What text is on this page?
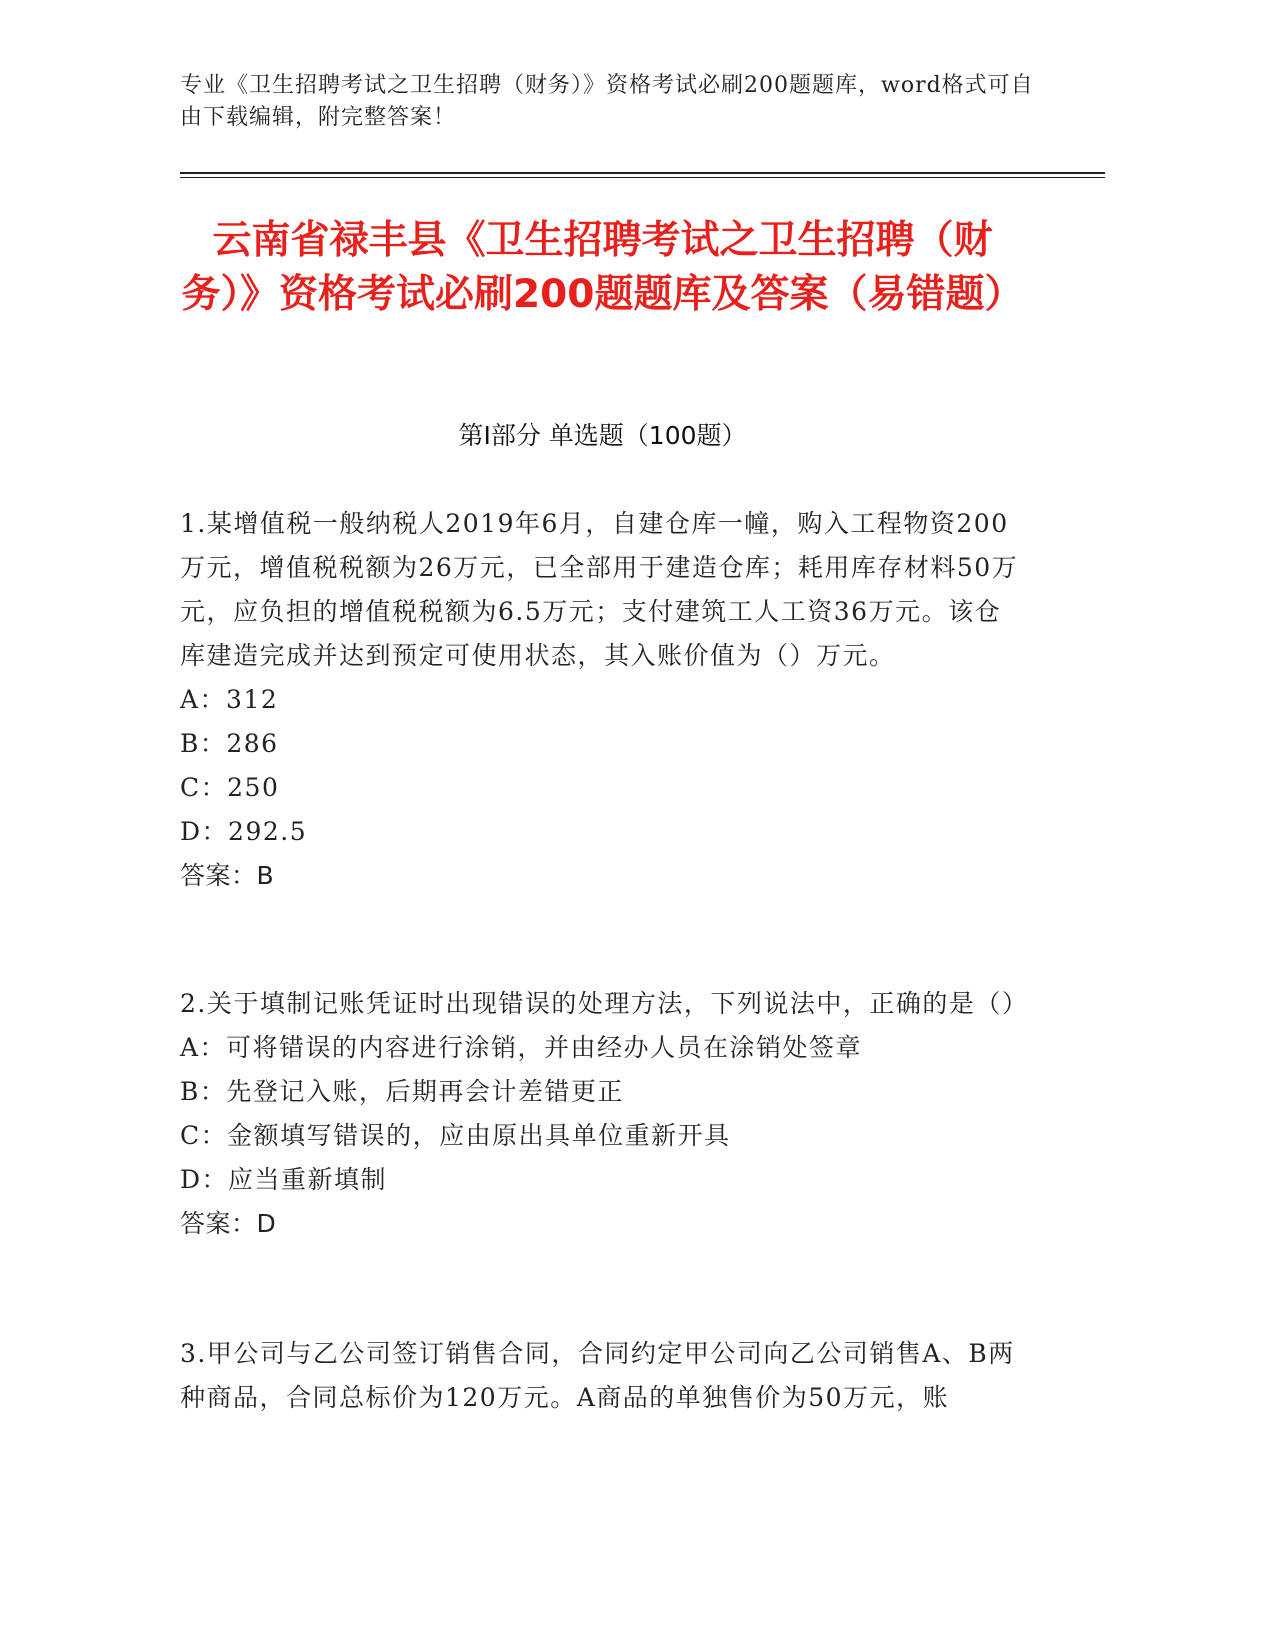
专业《卫生招聘考试之卫生招聘（财务）》资格考试必刷200题题库，word格式可自由下载编辑，附完整答案！
云南省禄丰县《卫生招聘考试之卫生招聘（财务）》资格考试必刷200题题库及答案（易错题）
第Ⅰ部分 单选题（100题）

1.某增值税一般纳税人2019年6月，自建仓库一幢，购入工程物资200万元，增值税税额为26万元，已全部用于建造仓库；耗用库存材料50万元，应负担的增值税税额为6.5万元；支付建筑工人工资36万元。该仓库建造完成并达到预定可使用状态，其入账价值为（）万元。

A：312

B：286

C：250

D：292.5

答案：B

2.关于填制记账凭证时出现错误的处理方法，下列说法中，正确的是（）

A：可将错误的内容进行涂销，并由经办人员在涂销处签章

B：先登记入账，后期再会计差错更正

C：金额填写错误的，应由原出具单位重新开具

D：应当重新填制

答案：D

3.甲公司与乙公司签订销售合同，合同约定甲公司向乙公司销售A、B两种商品，合同总标价为120万元。A商品的单独售价为50万元，账
